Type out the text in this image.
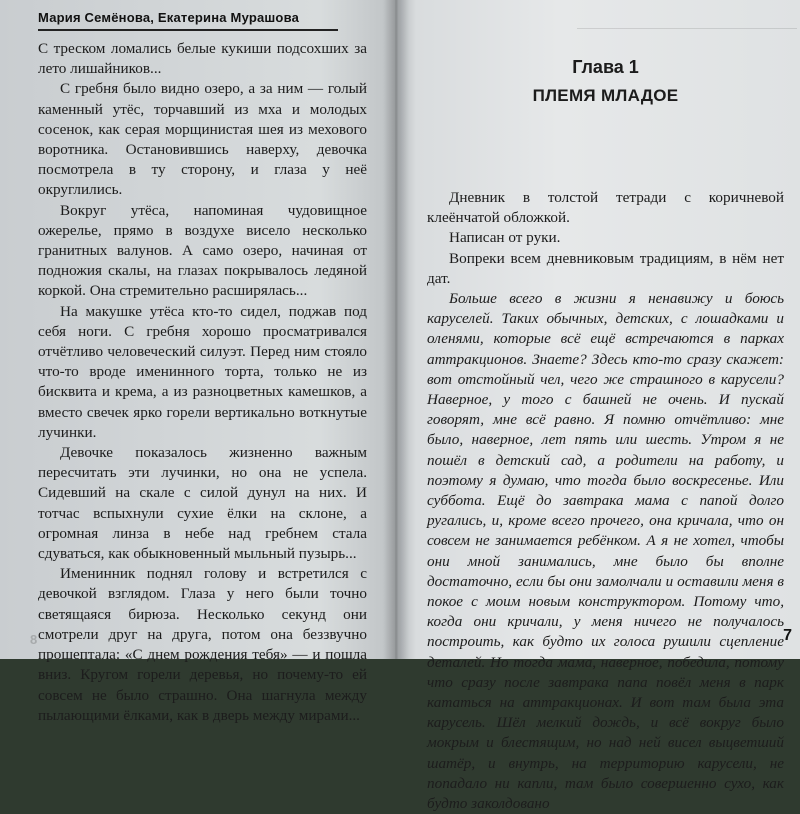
Мария Семёнова, Екатерина Мурашова

С треском ломались белые кукиши подсохших за лето лишайников...

С гребня было видно озеро, а за ним — голый каменный утёс, торчавший из мха и молодых сосенок, как серая морщинистая шея из мехового воротника. Остановившись наверху, девочка посмотрела в ту сторону, и глаза у неё округлились.

Вокруг утёса, напоминая чудовищное ожерелье, прямо в воздухе висело несколько гранитных валунов. А само озеро, начиная от подножия скалы, на глазах покрывалось ледяной коркой. Она стремительно расширялась...

На макушке утёса кто-то сидел, поджав под себя ноги. С гребня хорошо просматривался отчётливо человеческий силуэт. Перед ним стояло что-то вроде именинного торта, только не из бисквита и крема, а из разноцветных камешков, а вместо свечек ярко горели вертикально воткнутые лучинки.

Девочке показалось жизненно важным пересчитать эти лучинки, но она не успела. Сидевший на скале с силой дунул на них. И тотчас вспыхнули сухие ёлки на склоне, а огромная линза в небе над гребнем стала сдуваться, как обыкновенный мыльный пузырь...

Именинник поднял голову и встретился с девочкой взглядом. Глаза у него были точно светящаяся бирюза. Несколько секунд они смотрели друг на друга, потом она беззвучно прошептала: «С днем рождения тебя» — и пошла вниз. Кругом горели деревья, но почему-то ей совсем не было страшно. Она шагнула между пылающими ёлками, как в дверь между мирами...

8
Глава 1
ПЛЕМЯ МЛАДОЕ

Дневник в толстой тетради с коричневой клеёнчатой обложкой.

Написан от руки.

Вопреки всем дневниковым традициям, в нём нет дат.

Больше всего в жизни я ненавижу и боюсь каруселей. Таких обычных, детских, с лошадками и оленями, которые всё ещё встречаются в парках аттракционов. Знаете? Здесь кто-то сразу скажет: вот отстойный чел, чего же страшного в карусели? Наверное, у того с башней не очень. И пускай говорят, мне всё равно. Я помню отчётливо: мне было, наверное, лет пять или шесть. Утром я не пошёл в детский сад, а родители на работу, и поэтому я думаю, что тогда было воскресенье. Или суббота. Ещё до завтрака мама с папой долго ругались, и, кроме всего прочего, она кричала, что он совсем не занимается ребёнком. А я не хотел, чтобы они мной занимались, мне было бы вполне достаточно, если бы они замолчали и оставили меня в покое с моим новым конструктором. Потому что, когда они кричали, у меня ничего не получалось построить, как будто их голоса рушили сцепление деталей. Но тогда мама, наверное, победила, потому что сразу после завтрака папа повёл меня в парк кататься на аттракционах. И вот там была эта карусель. Шёл мелкий дождь, и всё вокруг было мокрым и блестящим, но над ней висел выцветший шатёр, и внутрь, на территорию карусели, не попадало ни капли, там было совершенно сухо, как будто заколдовано

7
